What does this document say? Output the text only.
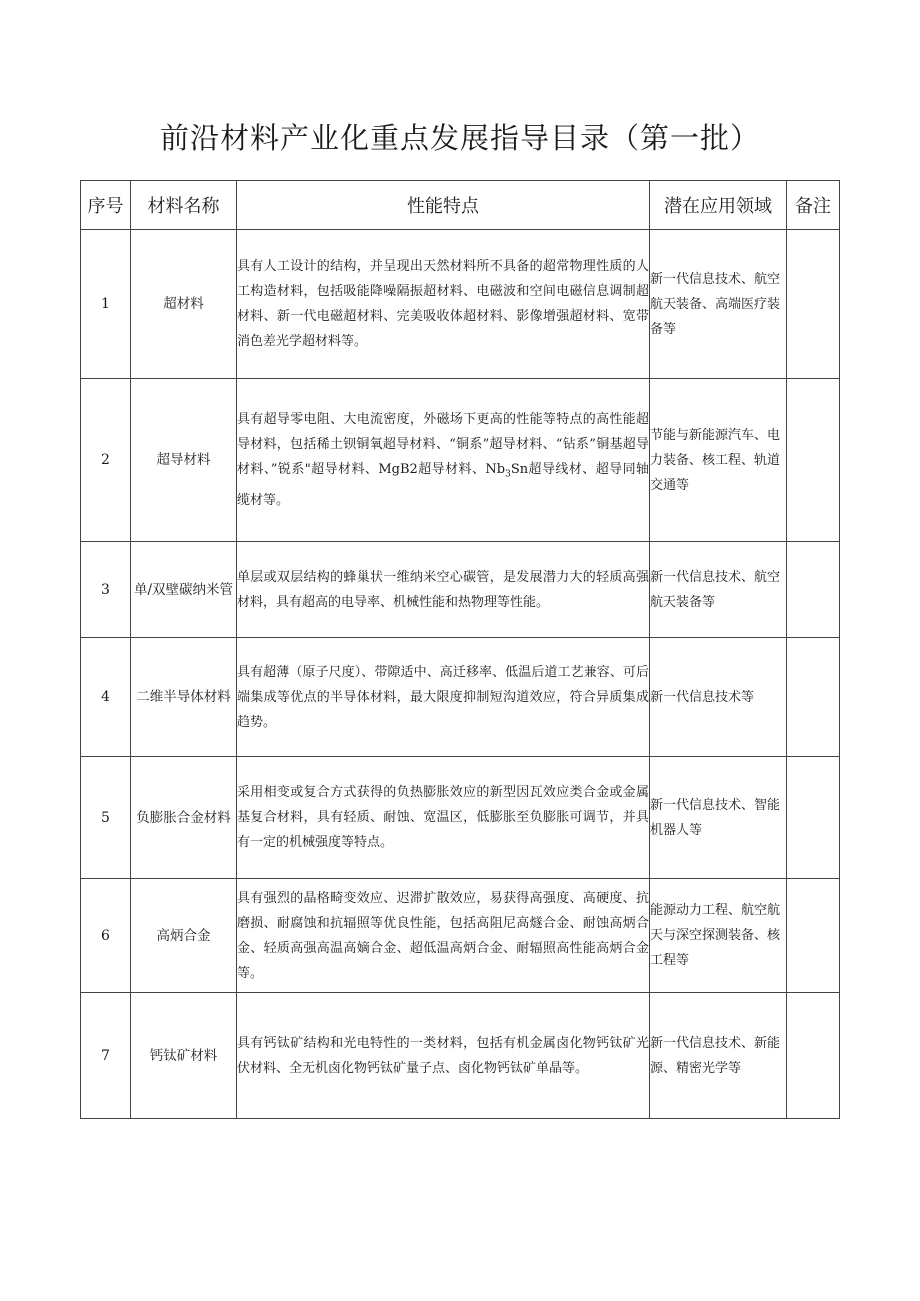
前沿材料产业化重点发展指导目录（第一批）
序号	材料名称	性能特点	潜在应用领域	备注
1	超材料	具有人工设计的结构，并呈现出天然材料所不具备的超常物理性质的人工构造材料，包括吸能降噪隔振超材料、电磁波和空间电磁信息调制超材料、新一代电磁超材料、完美吸收体超材料、影像增强超材料、宽带消色差光学超材料等。	新一代信息技术、航空航天装备、高端医疗装备等	
2	超导材料	具有超导零电阻、大电流密度，外磁场下更高的性能等特点的高性能超导材料，包括稀土钡铜氧超导材料、“铜系”超导材料、“钻系”铜基超导材料、”锐系"超导材料、MgB2超导材料、$Nb_3Sn$超导线材、超导同轴缆材等。	节能与新能源汽车、电力装备、核工程、轨道交通等	
3	单/双壁碳纳米管	单层或双层结构的蜂巢状一维纳米空心碳管，是发展潜力大的轻质高强材料，具有超高的电导率、机械性能和热物理等性能。	新一代信息技术、航空航天装备等	
4	二维半导体材料	具有超薄（原子尺度）、带隙适中、高迁移率、低温后道工艺兼容、可后端集成等优点的半导体材料，最大限度抑制短沟道效应，符合异质集成趋势。	新一代信息技术等	
5	负膨胀合金材料	采用相变或复合方式获得的负热膨胀效应的新型因瓦效应类合金或金属基复合材料，具有轻质、耐蚀、宽温区，低膨胀至负膨胀可调节，并具有一定的机械强度等特点。	新一代信息技术、智能机器人等	
6	高炳合金	具有强烈的晶格畸变效应、迟滞扩散效应，易获得高强度、高硬度、抗磨损、耐腐蚀和抗辐照等优良性能，包括高阻尼高燧合金、耐蚀高炳合金、轻质高强高温高嫡合金、超低温高炳合金、耐辐照高性能高炳合金等。	能源动力工程、航空航天与深空探测装备、核工程等	
7	钙钛矿材料	具有钙钛矿结构和光电特性的一类材料，包括有机金属卤化物钙钛矿光伏材料、全无机卤化物钙钛矿量子点、卤化物钙钛矿单晶等。	新一代信息技术、新能源、精密光学等	
